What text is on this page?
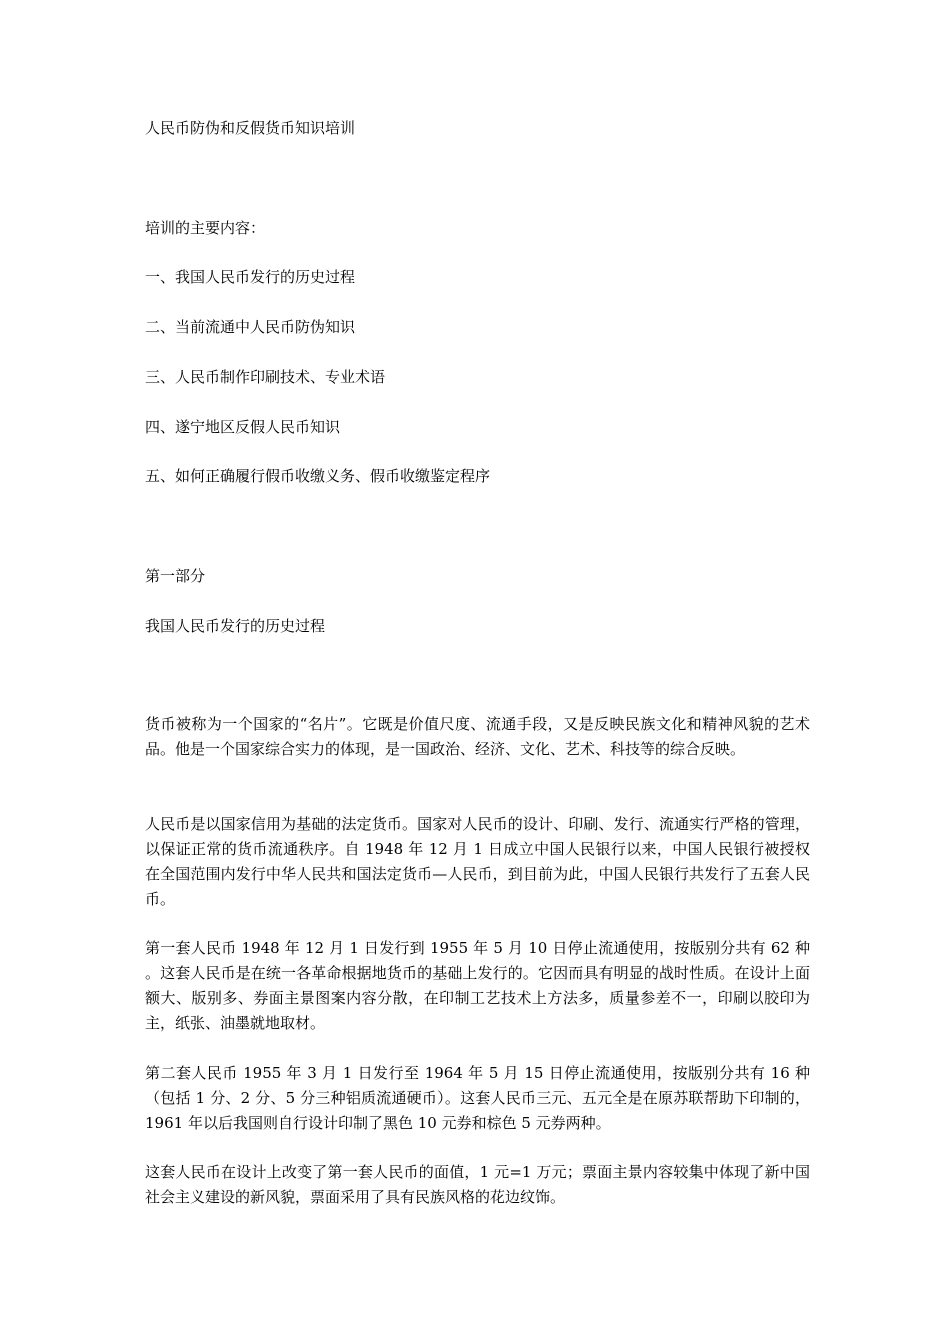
人民币防伪和反假货币知识培训

培训的主要内容：

一、我国人民币发行的历史过程

二、当前流通中人民币防伪知识

三、人民币制作印刷技术、专业术语

四、遂宁地区反假人民币知识

五、如何正确履行假币收缴义务、假币收缴鉴定程序

第一部分

我国人民币发行的历史过程

货币被称为一个国家的“名片”。它既是价值尺度、流通手段，又是反映民族文化和精神风貌的艺术品。他是一个国家综合实力的体现，是一国政治、经济、文化、艺术、科技等的综合反映。

人民币是以国家信用为基础的法定货币。国家对人民币的设计、印刷、发行、流通实行严格的管理，以保证正常的货币流通秩序。自 1948 年 12 月 1 日成立中国人民银行以来，中国人民银行被授权在全国范围内发行中华人民共和国法定货币—人民币，到目前为此，中国人民银行共发行了五套人民币。

第一套人民币 1948 年 12 月 1 日发行到 1955 年 5 月 10 日停止流通使用，按版别分共有 62 种 。这套人民币是在统一各革命根据地货币的基础上发行的。它因而具有明显的战时性质。在设计上面额大、版别多、券面主景图案内容分散，在印制工艺技术上方法多，质量参差不一，印刷以胶印为主，纸张、油墨就地取材。

第二套人民币 1955 年 3 月 1 日发行至 1964 年 5 月 15 日停止流通使用，按版别分共有 16 种（包括 1 分、2 分、5 分三种铝质流通硬币）。这套人民币三元、五元全是在原苏联帮助下印制的，1961 年以后我国则自行设计印制了黑色 10 元券和棕色 5 元券两种。

这套人民币在设计上改变了第一套人民币的面值，1 元=1 万元；票面主景内容较集中体现了新中国社会主义建设的新风貌，票面采用了具有民族风格的花边纹饰。
